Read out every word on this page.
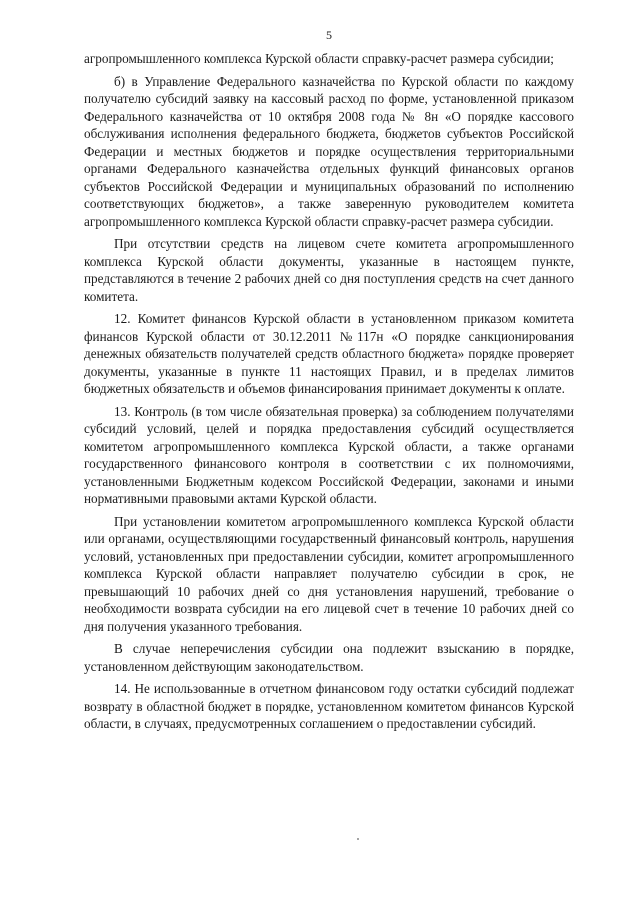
5

агропромышленного комплекса Курской области справку-расчет размера субсидии;

б) в Управление Федерального казначейства по Курской области по каждому получателю субсидий заявку на кассовый расход по форме, установленной приказом Федерального казначейства от 10 октября 2008 года № 8н «О порядке кассового обслуживания исполнения федерального бюджета, бюджетов субъектов Российской Федерации и местных бюджетов и порядке осуществления территориальными органами Федерального казначейства отдельных функций финансовых органов субъектов Российской Федерации и муниципальных образований по исполнению соответствующих бюджетов», а также заверенную руководителем комитета агропромышленного комплекса Курской области справку-расчет размера субсидии.

При отсутствии средств на лицевом счете комитета агропромышленного комплекса Курской области документы, указанные в настоящем пункте, представляются в течение 2 рабочих дней со дня поступления средств на счет данного комитета.

12. Комитет финансов Курской области в установленном приказом комитета финансов Курской области от 30.12.2011 №117н «О порядке санкционирования денежных обязательств получателей средств областного бюджета» порядке проверяет документы, указанные в пункте 11 настоящих Правил, и в пределах лимитов бюджетных обязательств и объемов финансирования принимает документы к оплате.

13. Контроль (в том числе обязательная проверка) за соблюдением получателями субсидий условий, целей и порядка предоставления субсидий осуществляется комитетом агропромышленного комплекса Курской области, а также органами государственного финансового контроля в соответствии с их полномочиями, установленными Бюджетным кодексом Российской Федерации, законами и иными нормативными правовыми актами Курской области.

При установлении комитетом агропромышленного комплекса Курской области или органами, осуществляющими государственный финансовый контроль, нарушения условий, установленных при предоставлении субсидии, комитет агропромышленного комплекса Курской области направляет получателю субсидии в срок, не превышающий 10 рабочих дней со дня установления нарушений, требование о необходимости возврата субсидии на его лицевой счет в течение 10 рабочих дней со дня получения указанного требования.

В случае неперечисления субсидии она подлежит взысканию в порядке, установленном действующим законодательством.

14. Не использованные в отчетном финансовом году остатки субсидий подлежат возврату в областной бюджет в порядке, установленном комитетом финансов Курской области, в случаях, предусмотренных соглашением о предоставлении субсидий.
